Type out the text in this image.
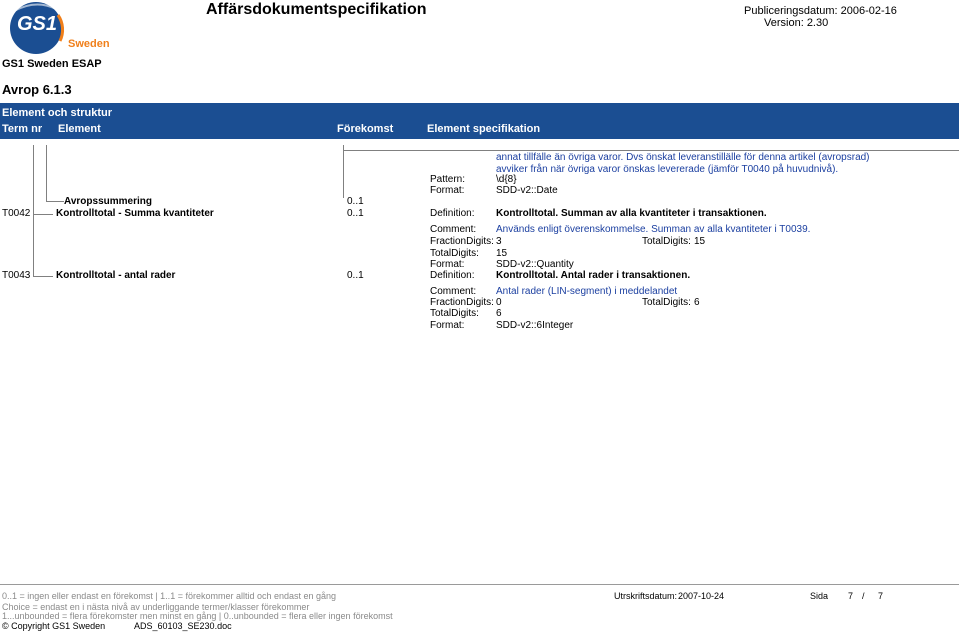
GS1
Sweden
Affärsdokumentspecifikation	Publiceringsdatum: 2006-02-16
Version: 2.30
GS1 Sweden ESAP
Avrop 6.1.3
Element och struktur
Term nr Element	Förekomst	Element specifikation
annat tillfälle än övriga varor. Dvs önskat leveranstillälle för denna artikel (avropsrad)
avviker från när övriga varor önskas levererade (jämför T0040 på huvudnivå).
Pattern:	\d{8}
Format:	SDD-v2::Date
Avropssummering	0..1
T0042	Kontrolltotal - Summa kvantiteter	0..1	Definition: Kontrolltotal. Summan av alla kvantiteter i transaktionen.
Comment: Används enligt överenskommelse. Summan av alla kvantiteter i T0039.
FractionDigits: 3	TotalDigits: 15
TotalDigits: 15
Format:	SDD-v2::Quantity
T0043	Kontrolltotal - antal rader	0..1	Definition: Kontrolltotal. Antal rader i transaktionen.
Comment: Antal rader (LIN-segment) i meddelandet
FractionDigits: 0	TotalDigits: 6
TotalDigits: 6
Format:	SDD-v2::6Integer
0..1 = ingen eller endast en förekomst | 1..1 = förekommer alltid och endast en gång
Choice = endast en i nästa nivå av underliggande termer/klasser förekommer
1...unbounded = flera förekomster men minst en gång | 0..unbounded = flera eller ingen förekomst
© Copyright GS1 Sweden	ADS_60103_SE230.doc
Utrskriftsdatum: 2007-10-24	Sida 7 / 7
